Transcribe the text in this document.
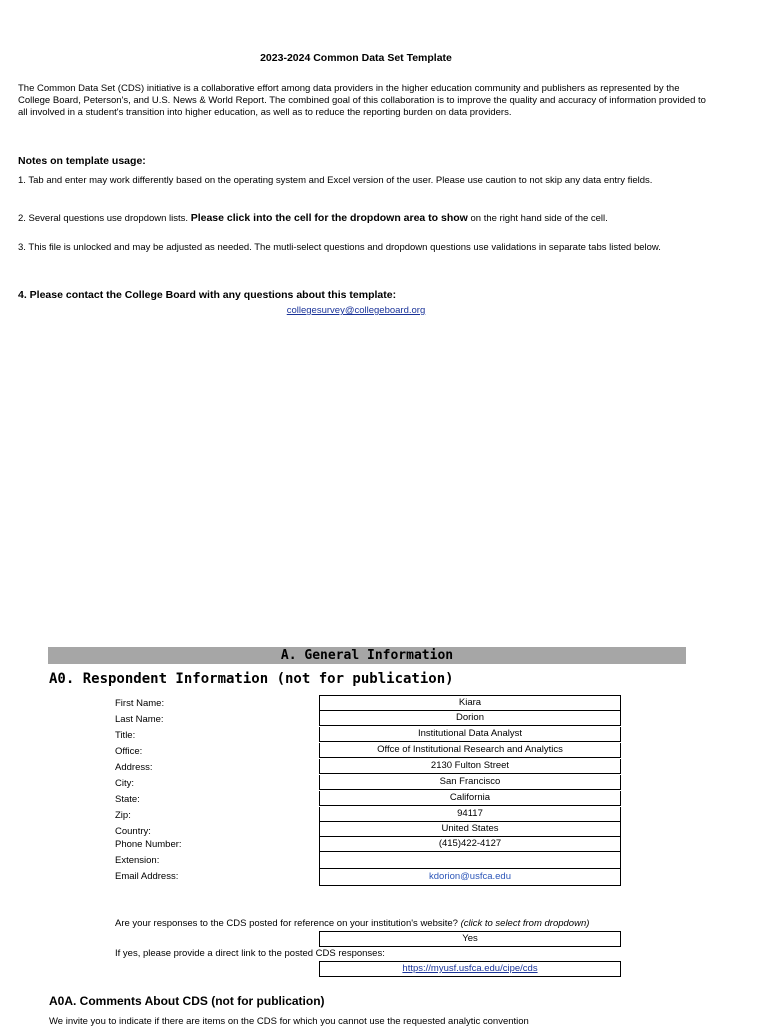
2023-2024 Common Data Set Template
The Common Data Set (CDS) initiative is a collaborative effort among data providers in the higher education community and publishers as represented by the College Board, Peterson's, and U.S. News & World Report. The combined goal of this collaboration is to improve the quality and accuracy of information provided to all involved in a student's transition into higher education, as well as to reduce the reporting burden on data providers.
Notes on template usage:
1. Tab and enter may work differently based on the operating system and Excel version of the user. Please use caution to not skip any data entry fields.
2. Several questions use dropdown lists. Please click into the cell for the dropdown area to show on the right hand side of the cell.
3. This file is unlocked and may be adjusted as needed. The mutli-select questions and dropdown questions use validations in separate tabs listed below.
4. Please contact the College Board with any questions about this template:
collegesurvey@collegeboard.org
A. General Information
A0. Respondent Information (not for publication)
First Name:	Kiara
Last Name:	Dorion
Title:	Institutional Data Analyst
Office:	Offce of Institutional Research and Analytics
Address:	2130 Fulton Street
City:	San Francisco
State:	California
Zip:	94117
Country:	United States
Phone Number:	(415)422-4127
Extension:
Email Address:	kdorion@usfca.edu
Are your responses to the CDS posted for reference on your institution's website? (click to select from dropdown)
Yes
If yes, please provide a direct link to the posted CDS responses:
https://myusf.usfca.edu/cipe/cds
A0A. Comments About CDS (not for publication)
We invite you to indicate if there are items on the CDS for which you cannot use the requested analytic convention
